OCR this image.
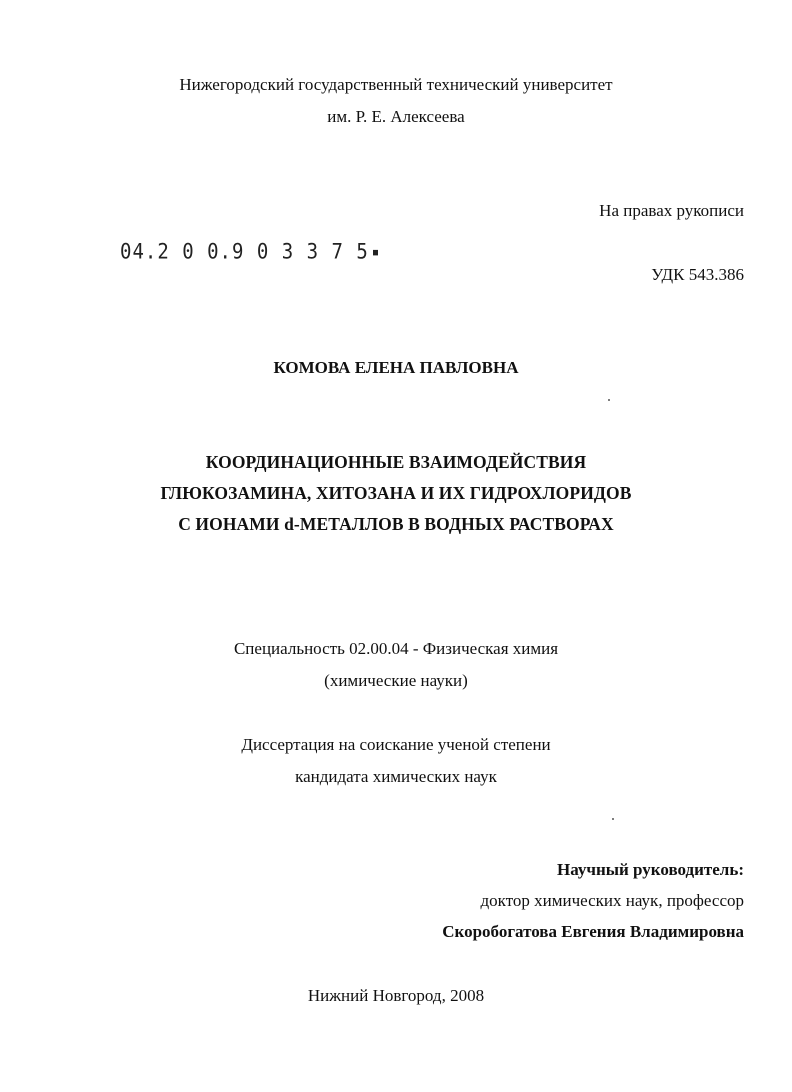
Нижегородский государственный технический университет
им. Р. Е. Алексеева
На правах рукописи
04.2 0 0.9 0 3 3 7 5
УДК 543.386
КОМОВА ЕЛЕНА ПАВЛОВНА
КООРДИНАЦИОННЫЕ ВЗАИМОДЕЙСТВИЯ
ГЛЮКОЗАМИНА, ХИТОЗАНА И ИХ ГИДРОХЛОРИДОВ
С ИОНАМИ d-МЕТАЛЛОВ В ВОДНЫХ РАСТВОРАХ
Специальность 02.00.04 - Физическая химия
(химические науки)
Диссертация на соискание ученой степени
кандидата химических наук
Научный руководитель:
доктор химических наук, профессор
Скоробогатова Евгения Владимировна
Нижний Новгород, 2008
